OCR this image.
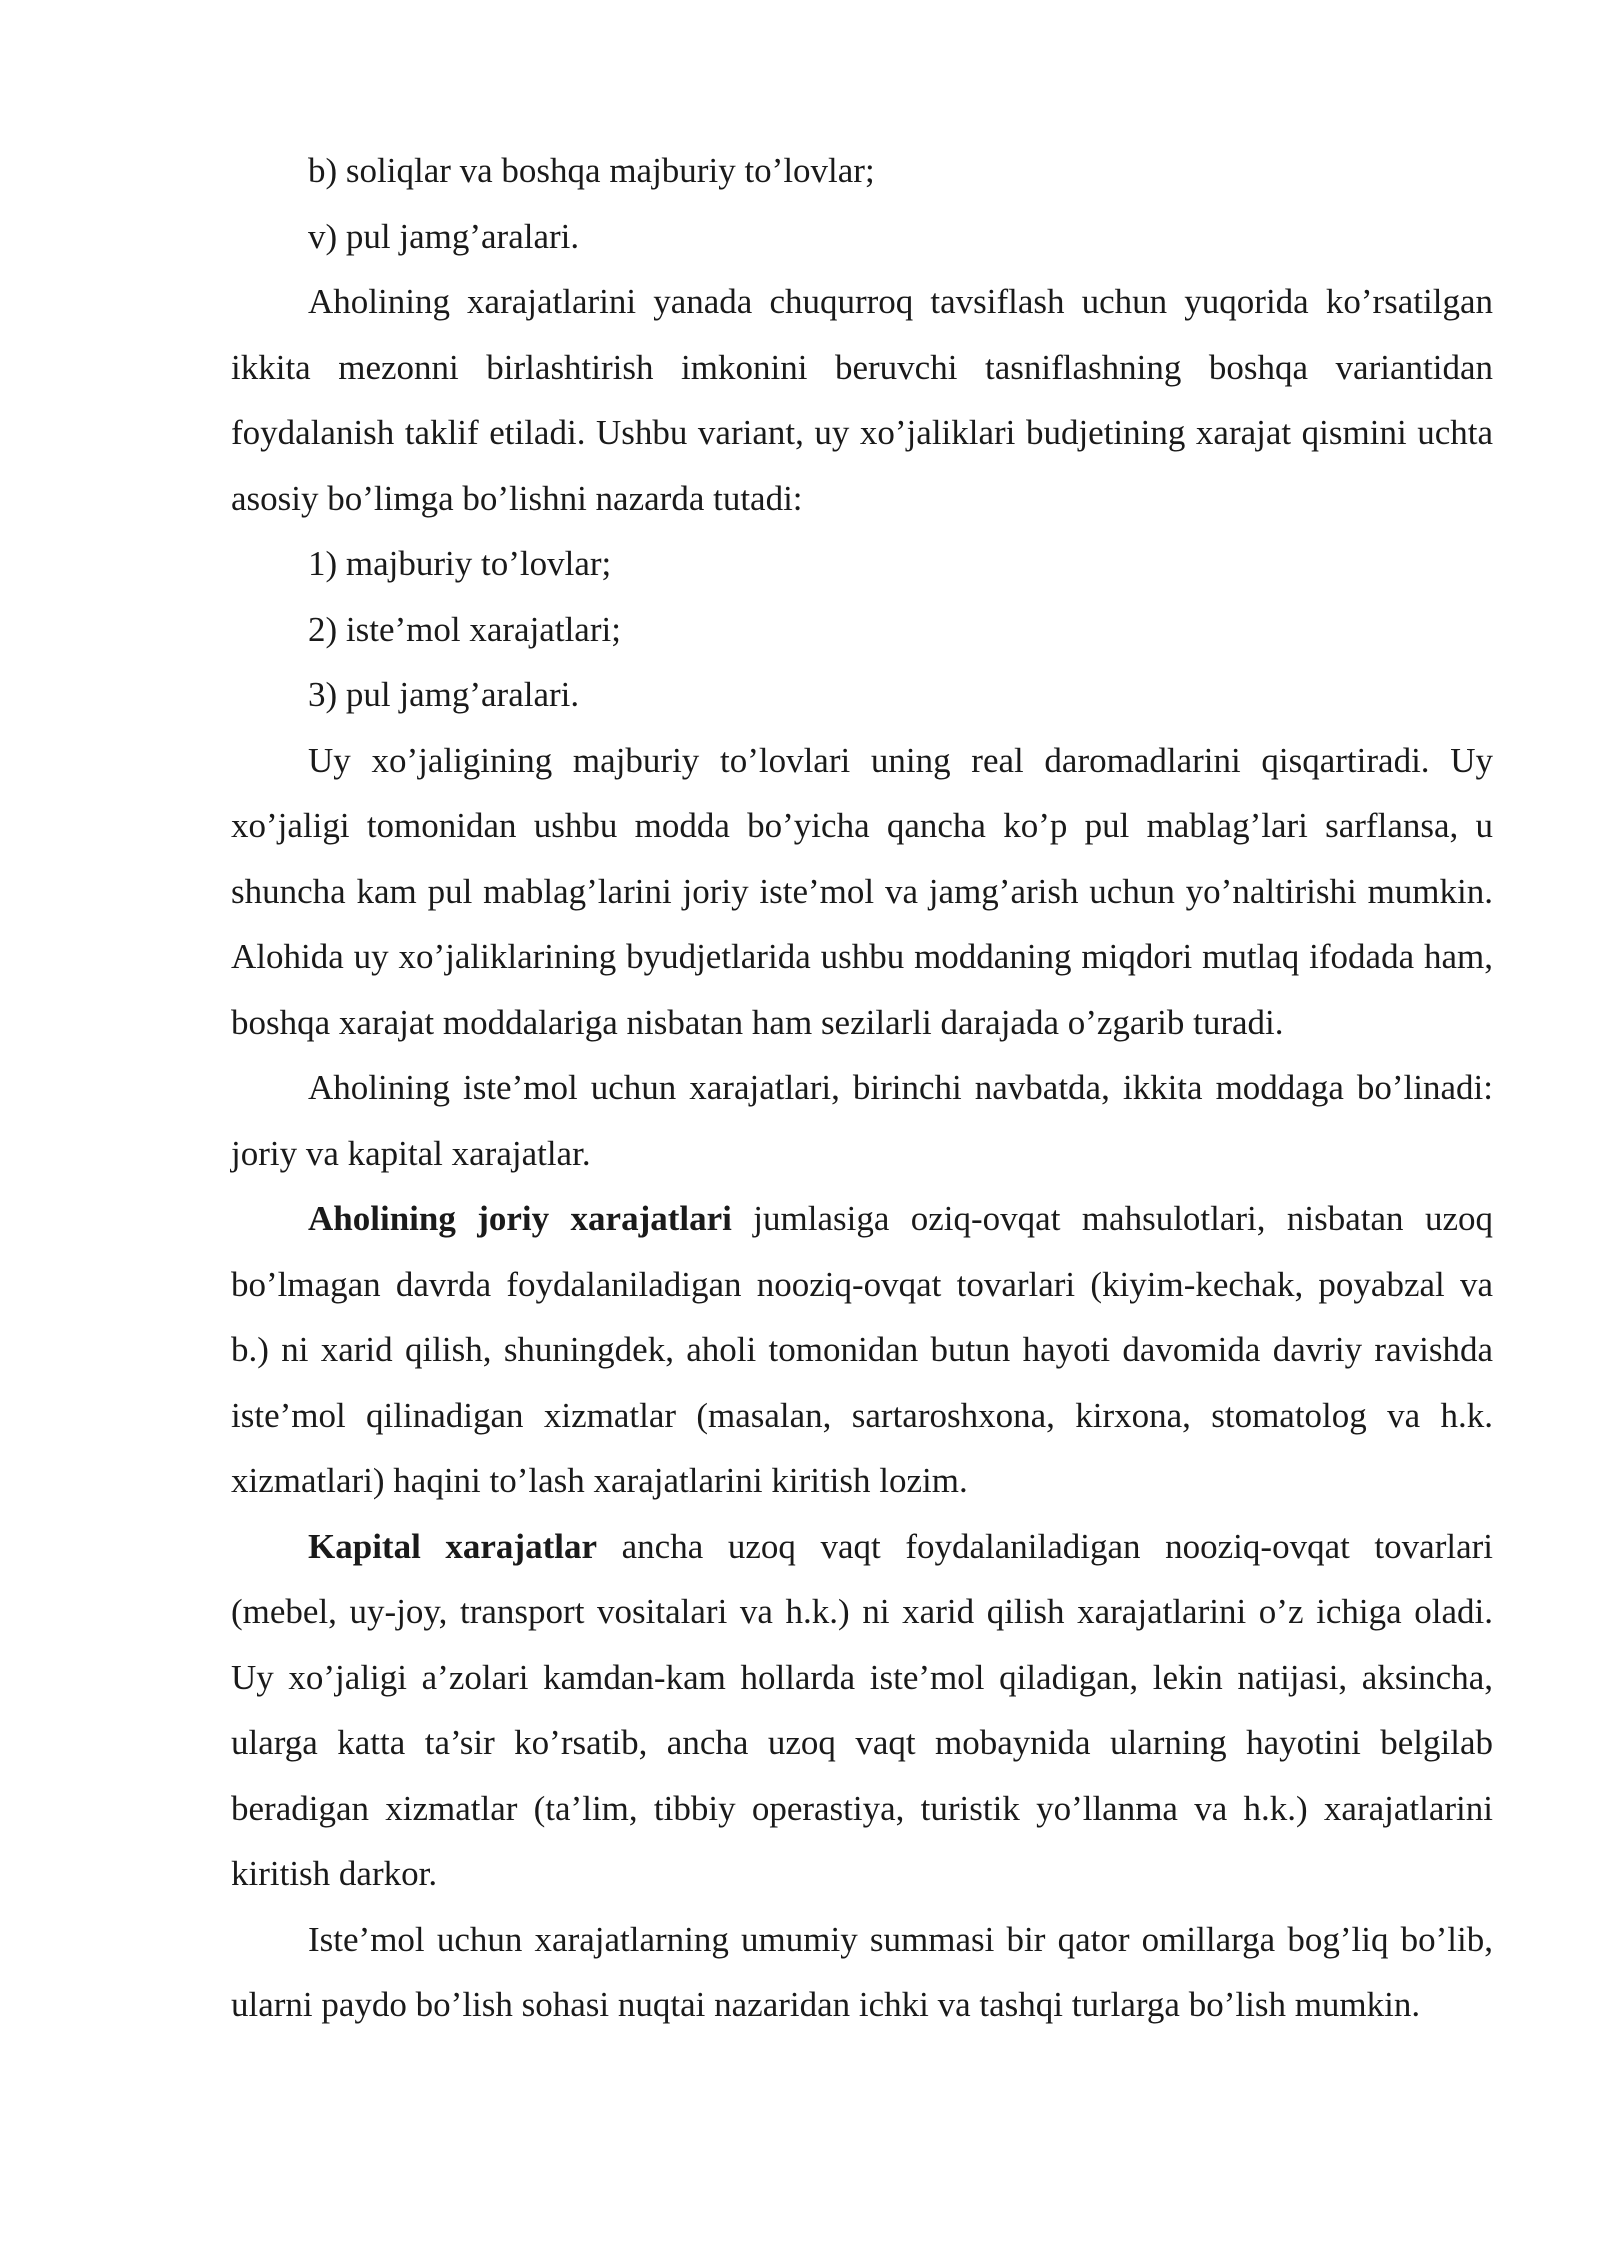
b) soliqlar va boshqa majburiy to’lovlar;

v) pul jamg’aralari.

Aholining xarajatlarini yanada chuqurroq tavsiflash uchun yuqorida ko’rsatilgan ikkita mezonni birlashtirish imkonini beruvchi tasniflashning boshqa variantidan foydalanish taklif etiladi. Ushbu variant, uy xo’jaliklari budjetining xarajat qismini uchta asosiy bo’limga bo’lishni nazarda tutadi:

1) majburiy to’lovlar;

2) iste’mol xarajatlari;

3) pul jamg’aralari.

Uy xo’jaligining majburiy to’lovlari uning real daromadlarini qisqartiradi. Uy xo’jaligi tomonidan ushbu modda bo’yicha qancha ko’p pul mablag’lari sarflansa, u shuncha kam pul mablag’larini joriy iste’mol va jamg’arish uchun yo’naltirishi mumkin. Alohida uy xo’jaliklarining byudjetlarida ushbu moddaning miqdori mutlaq ifodada ham, boshqa xarajat moddalariga nisbatan ham sezilarli darajada o’zgarib turadi.

Aholining iste’mol uchun xarajatlari, birinchi navbatda, ikkita moddaga bo’linadi: joriy va kapital xarajatlar.

Aholining joriy xarajatlari jumlasiga oziq-ovqat mahsulotlari, nisbatan uzoq bo’lmagan davrda foydalaniladigan nooziq-ovqat tovarlari (kiyim-kechak, poyabzal va b.) ni xarid qilish, shuningdek, aholi tomonidan butun hayoti davomida davriy ravishda iste’mol qilinadigan xizmatlar (masalan, sartaroshxona, kirxona, stomatolog va h.k. xizmatlari) haqini to’lash xarajatlarini kiritish lozim.

Kapital xarajatlar ancha uzoq vaqt foydalaniladigan nooziq-ovqat tovarlari (mebel, uy-joy, transport vositalari va h.k.) ni xarid qilish xarajatlarini o’z ichiga oladi. Uy xo’jaligi a’zolari kamdan-kam hollarda iste’mol qiladigan, lekin natijasi, aksincha, ularga katta ta’sir ko’rsatib, ancha uzoq vaqt mobaynida ularning hayotini belgilab beradigan xizmatlar (ta’lim, tibbiy operastiya, turistik yo’llanma va h.k.) xarajatlarini kiritish darkor.

Iste’mol uchun xarajatlarning umumiy summasi bir qator omillarga bog’liq bo’lib, ularni paydo bo’lish sohasi nuqtai nazaridan ichki va tashqi turlarga bo’lish mumkin.
